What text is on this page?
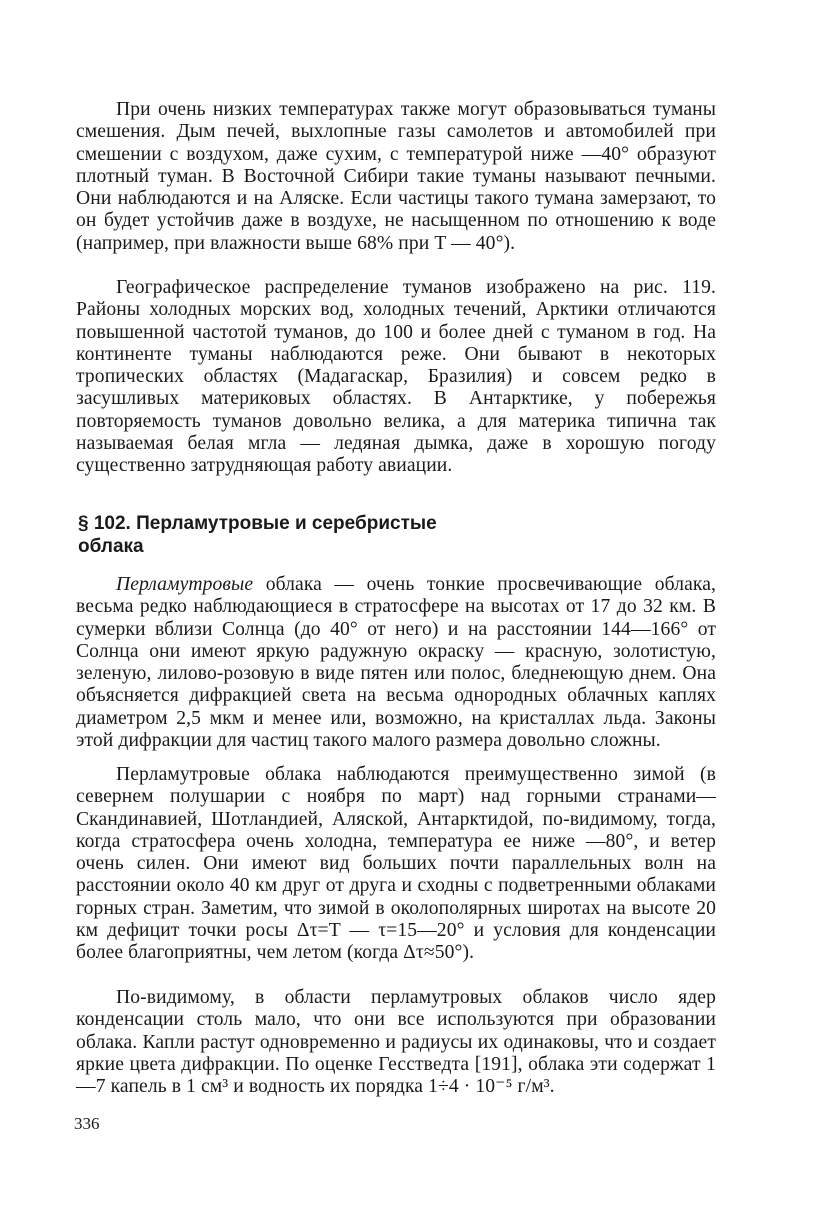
При очень низких температурах также могут образовываться туманы смешения. Дым печей, выхлопные газы самолетов и автомобилей при смешении с воздухом, даже сухим, с температурой ниже —40° образуют плотный туман. В Восточной Сибири такие туманы называют печными. Они наблюдаются и на Аляске. Если частицы такого тумана замерзают, то он будет устойчив даже в воздухе, не насыщенном по отношению к воде (например, при влажности выше 68% при T — 40°).

Географическое распределение туманов изображено на рис. 119. Районы холодных морских вод, холодных течений, Арктики отличаются повышенной частотой туманов, до 100 и более дней с туманом в год. На континенте туманы наблюдаются реже. Они бывают в некоторых тропических областях (Мадагаскар, Бразилия) и совсем редко в засушливых материковых областях. В Антарктике, у побережья повторяемость туманов довольно велика, а для материка типична так называемая белая мгла — ледяная дымка, даже в хорошую погоду существенно затрудняющая работу авиации.

§ 102. Перламутровые и серебристые облака

Перламутровые облака — очень тонкие просвечивающие облака, весьма редко наблюдающиеся в стратосфере на высотах от 17 до 32 км. В сумерки вблизи Солнца (до 40° от него) и на расстоянии 144—166° от Солнца они имеют яркую радужную окраску — красную, золотистую, зеленую, лилово-розовую в виде пятен или полос, бледнеющую днем. Она объясняется дифракцией света на весьма однородных облачных каплях диаметром 2,5 мкм и менее или, возможно, на кристаллах льда. Законы этой дифракции для частиц такого малого размера довольно сложны.

Перламутровые облака наблюдаются преимущественно зимой (в севернем полушарии с ноября по март) над горными странами—Скандинавией, Шотландией, Аляской, Антарктидой, по-видимому, тогда, когда стратосфера очень холодна, температура ее ниже —80°, и ветер очень силен. Они имеют вид больших почти параллельных волн на расстоянии около 40 км друг от друга и сходны с подветренными облаками горных стран. Заметим, что зимой в околополярных широтах на высоте 20 км дефицит точки росы Δτ=T — τ=15—20° и условия для конденсации более благоприятны, чем летом (когда Δτ≈50°).

По-видимому, в области перламутровых облаков число ядер конденсации столь мало, что они все используются при образовании облака. Капли растут одновременно и радиусы их одинаковы, что и создает яркие цвета дифракции. По оценке Гесстведта [191], облака эти содержат 1—7 капель в 1 см³ и водность их порядка 1÷4 · 10⁻⁵ г/м³.

336
